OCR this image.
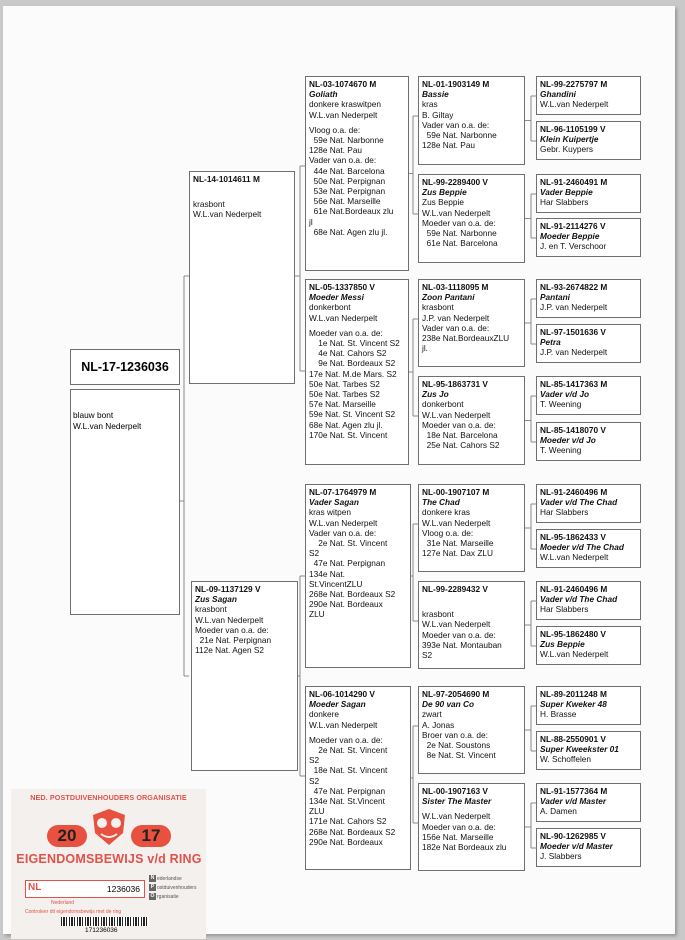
NL-17-1236036
blauw bont
W.L.van Nederpelt
NL-14-1014611 M
krasbont
W.L.van Nederpelt
NL-09-1137129 V
Zus Sagan
krasbont
W.L.van Nederpelt
Moeder van o.a. de:
21e Nat. Perpignan
112e Nat. Agen S2
NL-03-1074670 M
Goliath
donkere kraswitpen
W.L.van Nederpelt
Vloog o.a. de:
59e Nat. Narbonne
128e Nat. Pau
Vader van o.a. de:
44e Nat. Barcelona
50e Nat. Perpignan
53e Nat. Perpignan
56e Nat. Marseille
61e Nat.Bordeaux zlu
jl
68e Nat. Agen zlu jl.
NL-05-1337850 V
Moeder Messi
donkerbont
W.L.van Nederpelt
Moeder van o.a. de:
1e Nat. St. Vincent S2
4e Nat. Cahors S2
9e Nat. Bordeaux S2
17e Nat. M.de Mars. S2
50e Nat. Tarbes S2
50e Nat. Tarbes S2
57e Nat. Marseille
59e Nat. St. Vincent S2
68e Nat. Agen zlu jl.
170e Nat. St. Vincent
NL-07-1764979 M
Vader Sagan
kras witpen
W.L.van Nederpelt
Vader van o.a. de:
2e Nat. St. Vincent
S2
47e Nat. Perpignan
134e Nat.
St.VincentZLU
268e Nat. Bordeaux S2
290e Nat. Bordeaux
ZLU
NL-06-1014290 V
Moeder Sagan
donkere
W.L.van Nederpelt
Moeder van o.a. de:
2e Nat. St. Vincent
S2
18e Nat. St. Vincent
S2
47e Nat. Perpignan
134e Nat. St.Vincent
ZLU
171e Nat. Cahors S2
268e Nat. Bordeaux S2
290e Nat. Bordeaux
NL-01-1903149 M
Bassie
kras
B. Giltay
Vader van o.a. de:
59e Nat. Narbonne
128e Nat. Pau
NL-99-2289400 V
Zus Beppie
Zus Beppie
W.L.van Nederpelt
Moeder van o.a. de:
59e Nat. Narbonne
61e Nat. Barcelona
NL-03-1118095 M
Zoon Pantani
krasbont
J.P. van Nederpelt
Vader van o.a. de:
238e Nat.BordeauxZLU
jl.
NL-95-1863731 V
Zus Jo
donkerbont
W.L.van Nederpelt
Moeder van o.a. de:
18e Nat. Barcelona
25e Nat. Cahors S2
NL-00-1907107 M
The Chad
donkere kras
W.L.van Nederpelt
Vloog o.a. de:
31e Nat. Marseille
127e Nat. Dax ZLU
NL-99-2289432 V
krasbont
W.L.van Nederpelt
Moeder van o.a. de:
393e Nat. Montauban
S2
NL-97-2054690 M
De 90 van Co
zwart
A. Jonas
Broer van o.a. de:
2e Nat. Soustons
8e Nat. St. Vincent
NL-00-1907163 V
Sister The Master
W.L.van Nederpelt
Moeder van o.a. de:
156e Nat. Marseille
182e Nat Bordeaux zlu
NL-99-2275797 M
Ghandini
W.L.van Nederpelt
NL-96-1105199 V
Klein Kuipertje
Gebr. Kuypers
NL-91-2460491 M
Vader Beppie
Har Slabbers
NL-91-2114276 V
Moeder Beppie
J. en T. Verschoor
NL-93-2674822 M
Pantani
J.P. van Nederpelt
NL-97-1501636 V
Petra
J.P. van Nederpelt
NL-85-1417363 M
Vader v/d Jo
T. Weening
NL-85-1418070 V
Moeder v/d Jo
T. Weening
NL-91-2460496 M
Vader v/d The Chad
Har Slabbers
NL-95-1862433 V
Moeder v/d The Chad
W.L.van Nederpelt
NL-91-2460496 M
Vader v/d The Chad
Har Slabbers
NL-95-1862480 V
Zus Beppie
W.L.van Nederpelt
NL-89-2011248 M
Super Kweker 48
H. Brasse
NL-88-2550901 V
Super Kweekster 01
W. Schoffelen
NL-91-1577364 M
Vader v/d Master
A. Damen
NL-90-1262985 V
Moeder v/d Master
J. Slabbers
NED. POSTDUIVENHOUDERS ORGANISATIE
20	17
EIGENDOMSBEWIJS v/d RING
NL	1236036
N ederlandse
P ostduivenhouders
O rganisatie
Nederland
Controleer dit eigendomsbewijs met de ring
171236036
